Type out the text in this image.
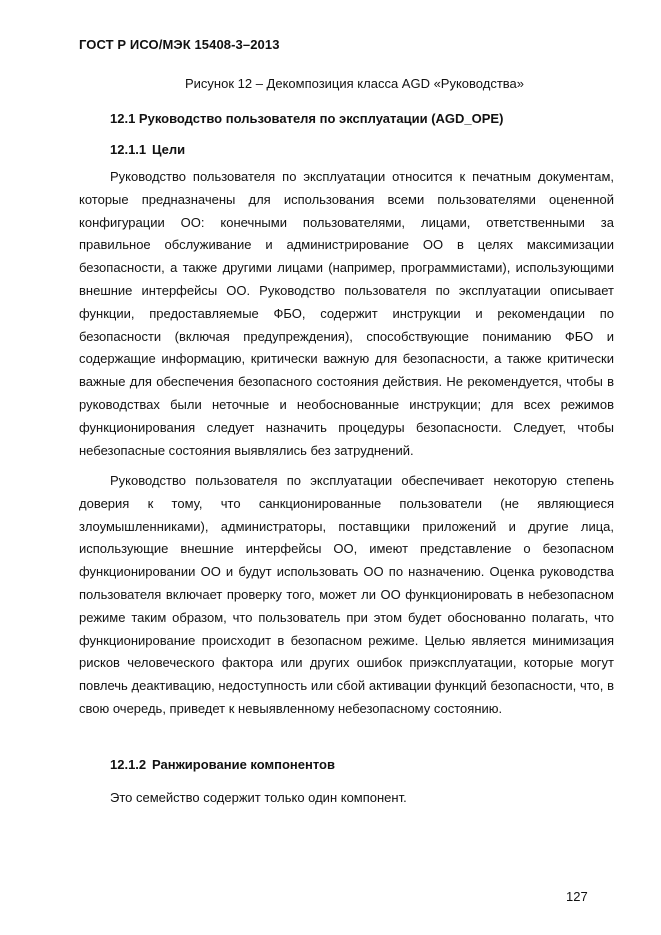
ГОСТ Р ИСО/МЭК 15408-3–2013
Рисунок 12 – Декомпозиция класса AGD «Руководства»
12.1 Руководство пользователя по эксплуатации (AGD_OPE)
12.1.1 Цели

Руководство пользователя по эксплуатации относится к печатным документам, которые предназначены для использования всеми пользователями оцененной конфигурации ОО: конечными пользователями, лицами, ответственными за правильное обслуживание и администрирование ОО в целях максимизации безопасности, а также другими лицами (например, программистами), использующими внешние интерфейсы ОО. Руководство пользователя по эксплуатации описывает функции, предоставляемые ФБО, содержит инструкции и рекомендации по безопасности (включая предупреждения), способствующие пониманию ФБО и содержащие информацию, критически важную для безопасности, а также критически важные для обеспечения безопасного состояния действия. Не рекомендуется, чтобы в руководствах были неточные и необоснованные инструкции; для всех режимов функционирования следует назначить процедуры безопасности. Следует, чтобы небезопасные состояния выявлялись без затруднений.

Руководство пользователя по эксплуатации обеспечивает некоторую степень доверия к тому, что санкционированные пользователи (не являющиеся злоумышленниками), администраторы, поставщики приложений и другие лица, использующие внешние интерфейсы ОО, имеют представление о безопасном функционировании ОО и будут использовать ОО по назначению. Оценка руководства пользователя включает проверку того, может ли ОО функционировать в небезопасном режиме таким образом, что пользователь при этом будет обоснованно полагать, что функционирование происходит в безопасном режиме. Целью является минимизация рисков человеческого фактора или других ошибок приэксплуатации, которые могут повлечь деактивацию, недоступность или сбой активации функций безопасности, что, в свою очередь, приведет к невыявленному небезопасному состоянию.

12.1.2 Ранжирование компонентов
Это семейство содержит только один компонент.
127
